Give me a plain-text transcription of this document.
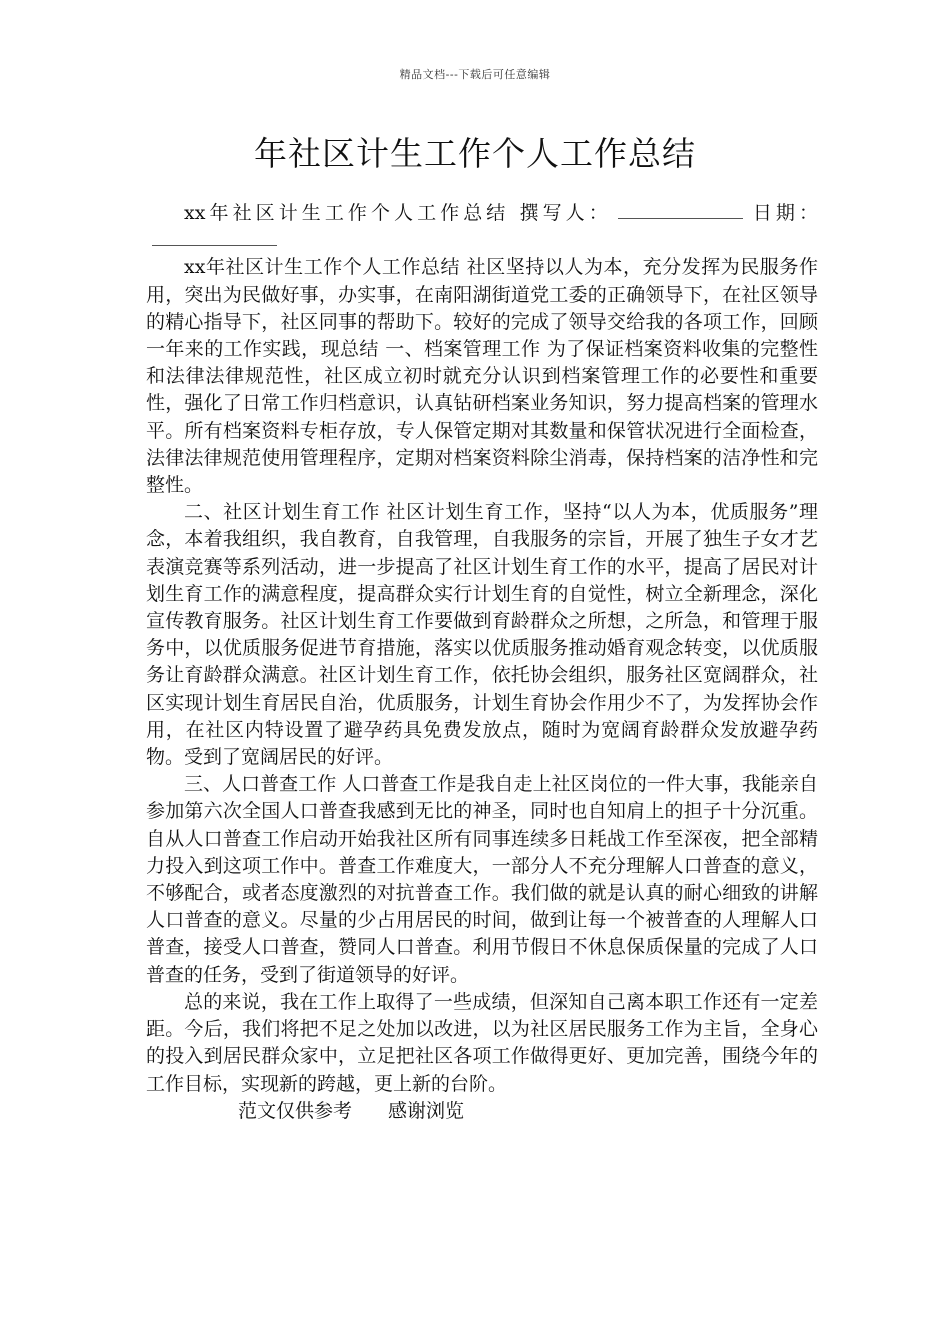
精品文档---下载后可任意编辑
年社区计生工作个人工作总结

xx年社区计生工作个人工作总结 撰写人：	日期：

xx年社区计生工作个人工作总结 社区坚持以人为本，充分发挥为民服务作用，突出为民做好事，办实事，在南阳湖街道党工委的正确领导下，在社区领导的精心指导下，社区同事的帮助下。较好的完成了领导交给我的各项工作，回顾一年来的工作实践，现总结 一、档案管理工作 为了保证档案资料收集的完整性和法律法律规范性，社区成立初时就充分认识到档案管理工作的必要性和重要性，强化了日常工作归档意识，认真钻研档案业务知识，努力提高档案的管理水平。所有档案资料专柜存放，专人保管定期对其数量和保管状况进行全面检查，法律法律规范使用管理程序，定期对档案资料除尘消毒，保持档案的洁净性和完整性。

二、社区计划生育工作 社区计划生育工作，坚持“以人为本，优质服务”理念，本着我组织，我自教育，自我管理，自我服务的宗旨，开展了独生子女才艺表演竞赛等系列活动，进一步提高了社区计划生育工作的水平，提高了居民对计划生育工作的满意程度，提高群众实行计划生育的自觉性，树立全新理念，深化宣传教育服务。社区计划生育工作要做到育龄群众之所想，之所急，和管理于服务中，以优质服务促进节育措施，落实以优质服务推动婚育观念转变，以优质服务让育龄群众满意。社区计划生育工作，依托协会组织，服务社区宽阔群众，社区实现计划生育居民自治，优质服务，计划生育协会作用少不了，为发挥协会作用，在社区内特设置了避孕药具免费发放点，随时为宽阔育龄群众发放避孕药物。受到了宽阔居民的好评。

三、人口普查工作 人口普查工作是我自走上社区岗位的一件大事，我能亲自参加第六次全国人口普查我感到无比的神圣，同时也自知肩上的担子十分沉重。自从人口普查工作启动开始我社区所有同事连续多日耗战工作至深夜，把全部精力投入到这项工作中。普查工作难度大，一部分人不充分理解人口普查的意义，不够配合，或者态度激烈的对抗普查工作。我们做的就是认真的耐心细致的讲解人口普查的意义。尽量的少占用居民的时间，做到让每一个被普查的人理解人口普查，接受人口普查，赞同人口普查。利用节假日不休息保质保量的完成了人口普查的任务，受到了街道领导的好评。

总的来说，我在工作上取得了一些成绩，但深知自己离本职工作还有一定差距。今后，我们将把不足之处加以改进，以为社区居民服务工作为主旨，全身心的投入到居民群众家中，立足把社区各项工作做得更好、更加完善，围绕今年的工作目标，实现新的跨越，更上新的台阶。

范文仅供参考 感谢浏览
